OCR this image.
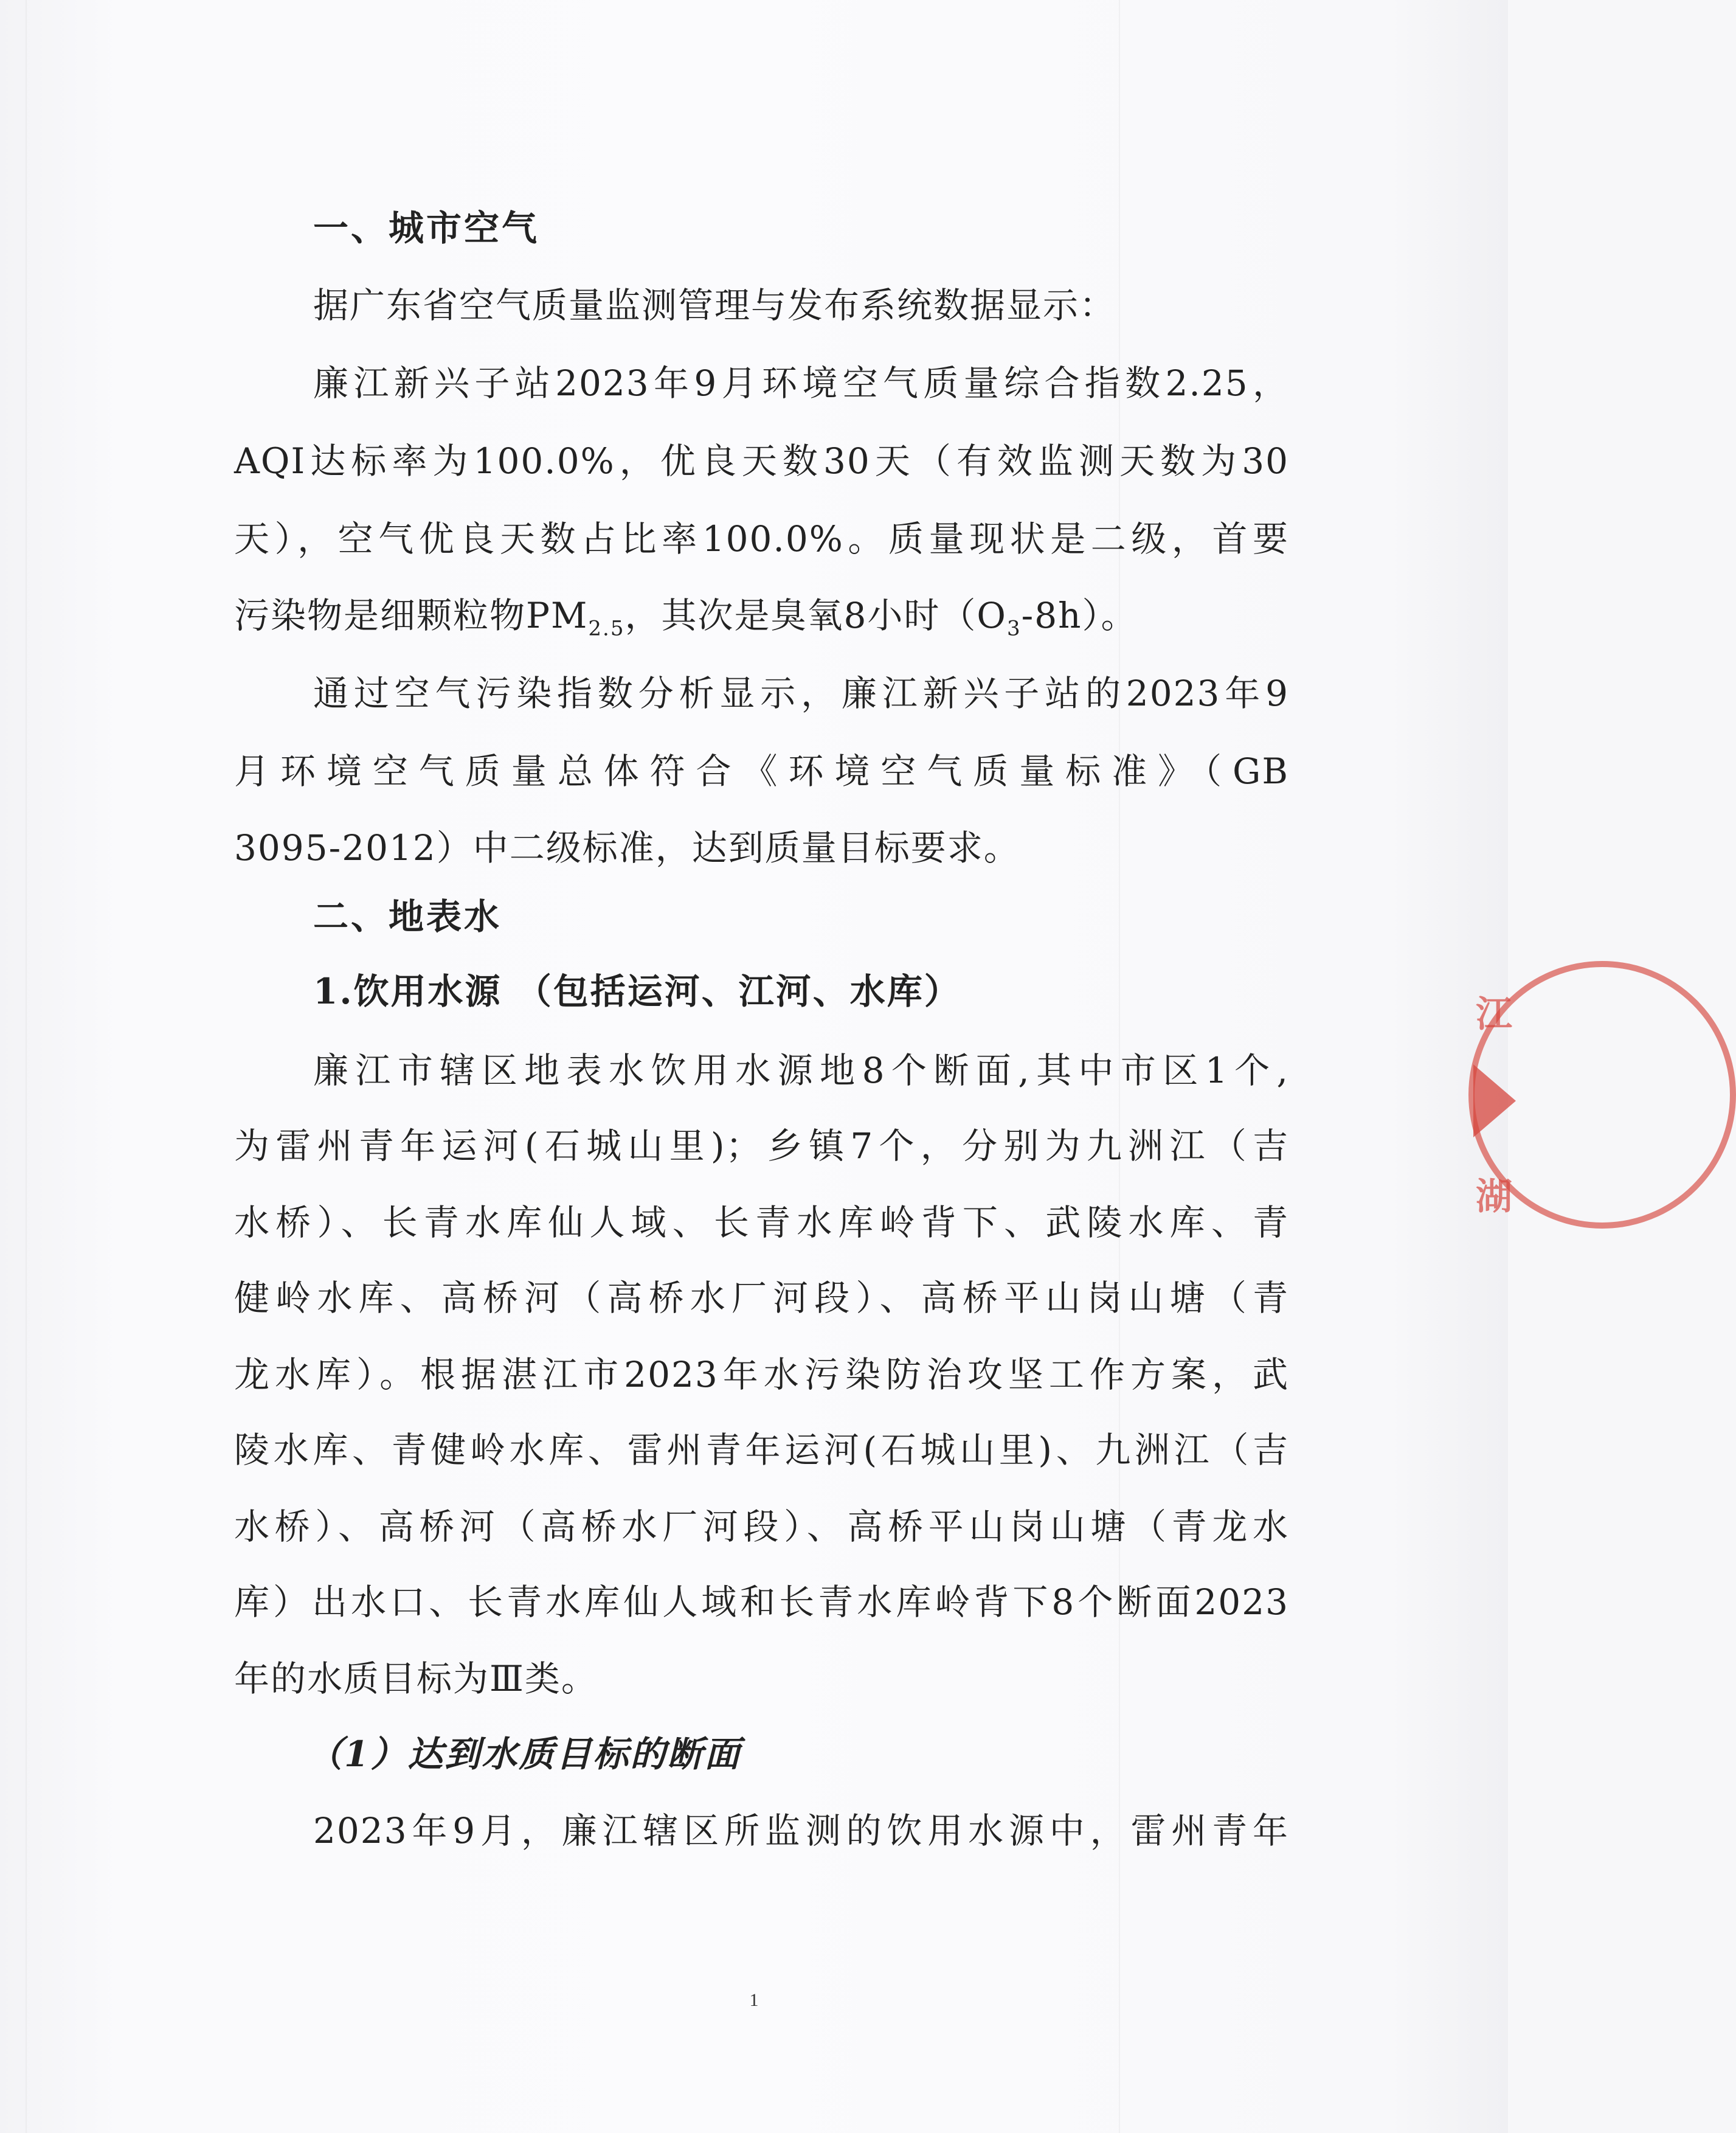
一、城市空气
据广东省空气质量监测管理与发布系统数据显示：
廉江新兴子站2023年9月环境空气质量综合指数2.25，
AQI达标率为100.0%，优良天数30天（有效监测天数为30
天），空气优良天数占比率100.0%。质量现状是二级，首要
污染物是细颗粒物$PM_{2.5}$，其次是臭氧8小时$(O_3-8h)$。
通过空气污染指数分析显示，廉江新兴子站的2023年9
月环境空气质量总体符合《环境空气质量标准》（GB
3095-2012）中二级标准，达到质量目标要求。
二、地表水
1.饮用水源 （包括运河、江河、水库）
廉江市辖区地表水饮用水源地8个断面,其中市区1个,
为雷州青年运河(石城山里)；乡镇7个，分别为九洲江（吉
水桥）、长青水库仙人域、长青水库岭背下、武陵水库、青
健岭水库、高桥河（高桥水厂河段）、高桥平山岗山塘（青
龙水库）。根据湛江市2023年水污染防治攻坚工作方案，武
陵水库、青健岭水库、雷州青年运河(石城山里)、九洲江（吉
水桥）、高桥河（高桥水厂河段）、高桥平山岗山塘（青龙水
库）出水口、长青水库仙人域和长青水库岭背下8个断面2023
年的水质目标为Ⅲ类。
（1）达到水质目标的断面
2023年9月，廉江辖区所监测的饮用水源中，雷州青年
1
江
湖
